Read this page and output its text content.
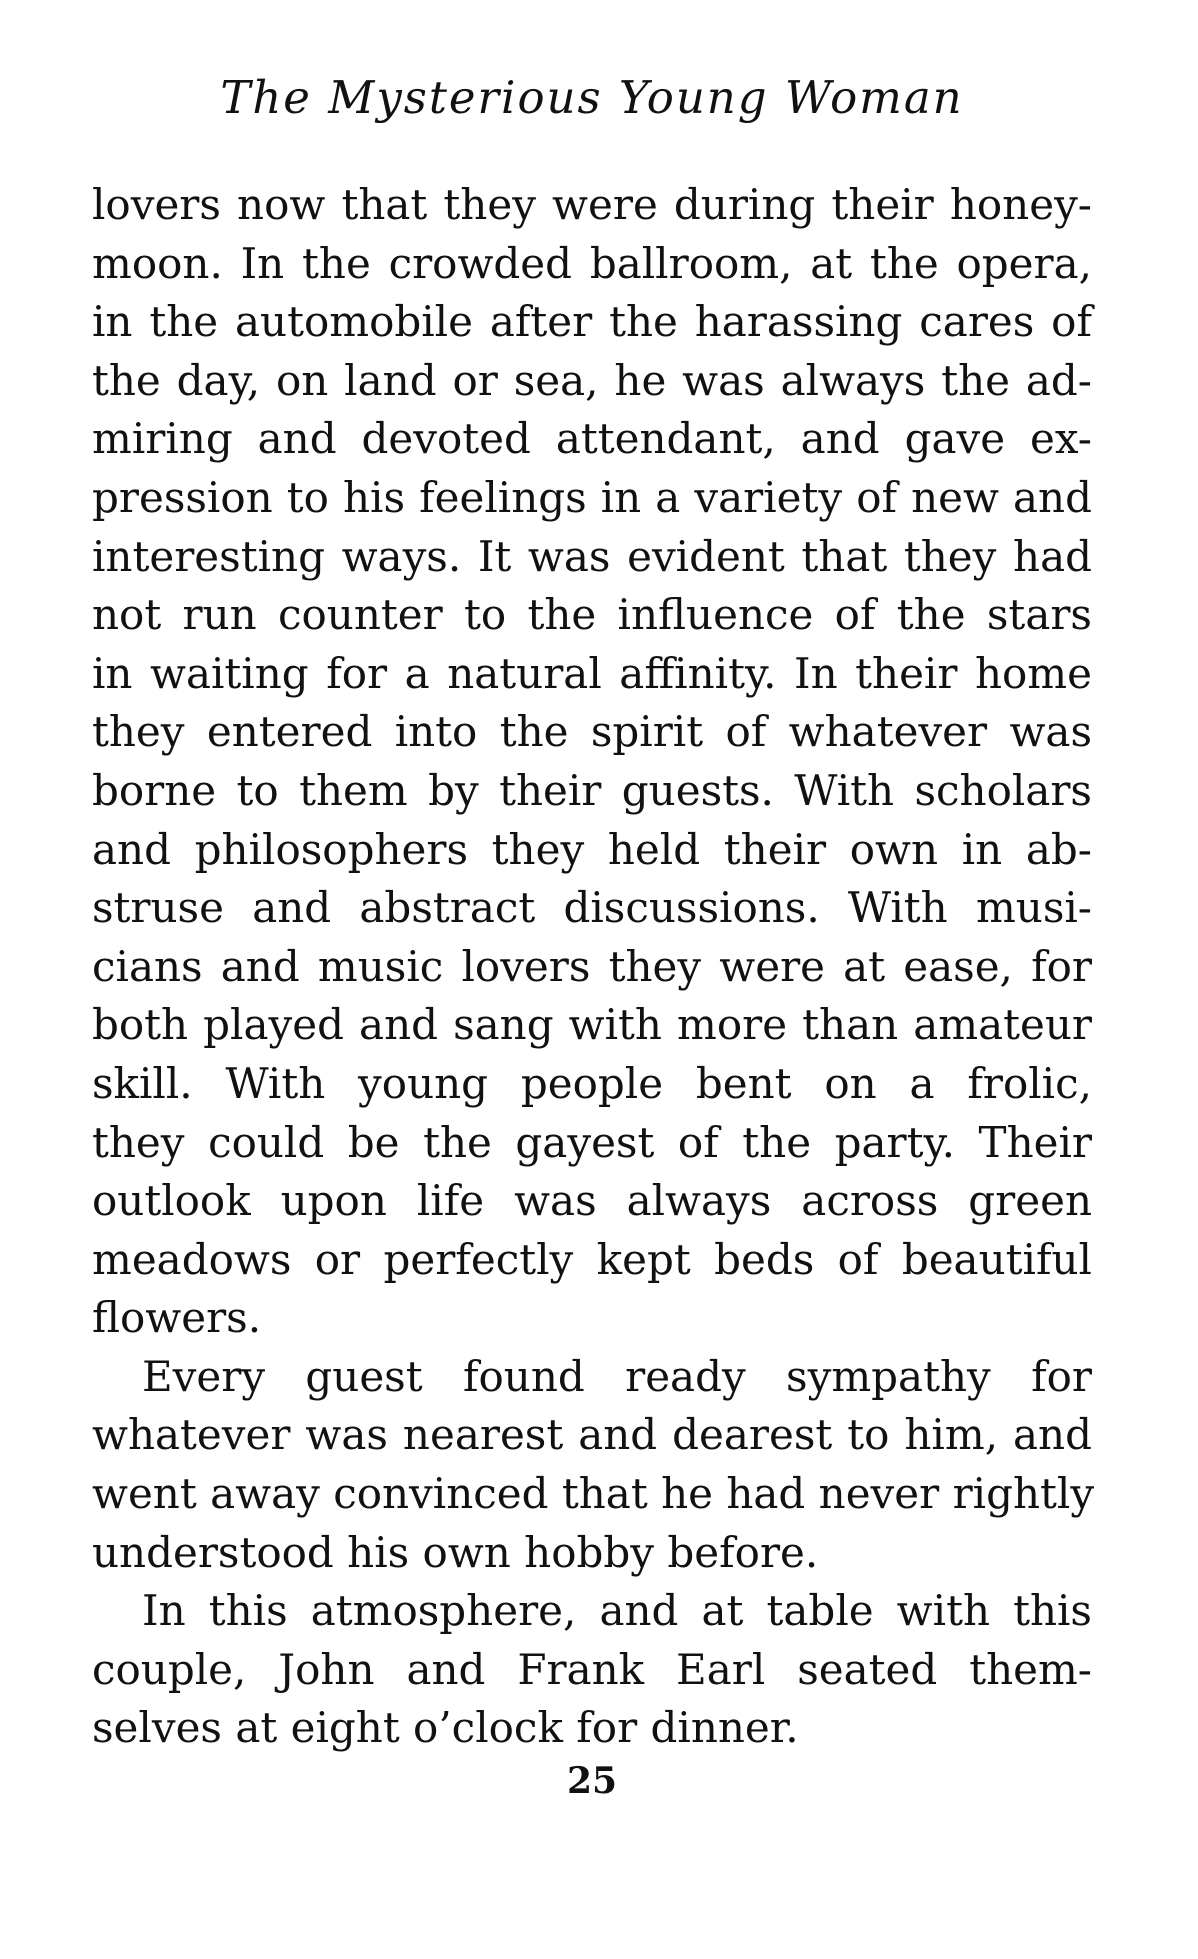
The Mysterious Young Woman
lovers now that they were during their honey-
moon. In the crowded ballroom, at the opera,
in the automobile after the harassing cares of
the day, on land or sea, he was always the ad-
miring and devoted attendant, and gave ex-
pression to his feelings in a variety of new and
interesting ways. It was evident that they had
not run counter to the influence of the stars
in waiting for a natural affinity. In their home
they entered into the spirit of whatever was
borne to them by their guests. With scholars
and philosophers they held their own in ab-
struse and abstract discussions. With musi-
cians and music lovers they were at ease, for
both played and sang with more than amateur
skill. With young people bent on a frolic,
they could be the gayest of the party. Their
outlook upon life was always across green
meadows or perfectly kept beds of beautiful
flowers.
Every guest found ready sympathy for
whatever was nearest and dearest to him, and
went away convinced that he had never rightly
understood his own hobby before.
In this atmosphere, and at table with this
couple, John and Frank Earl seated them-
selves at eight o’clock for dinner.
25
